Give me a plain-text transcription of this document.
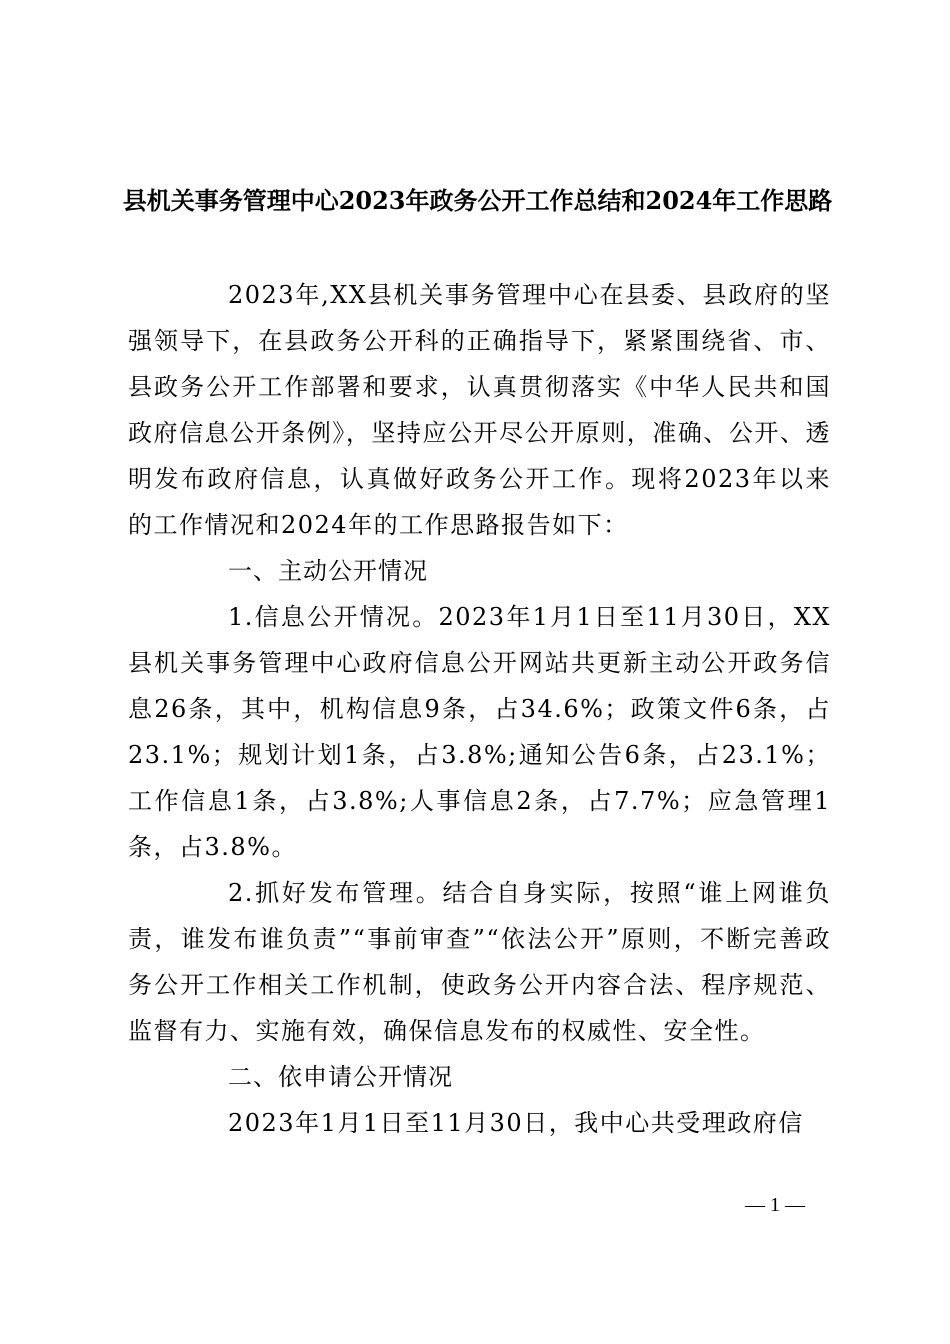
县机关事务管理中心2023年政务公开工作总结和2024年工作思路

2023年,XX县机关事务管理中心在县委、县政府的坚强领导下，在县政务公开科的正确指导下，紧紧围绕省、市、县政务公开工作部署和要求，认真贯彻落实《中华人民共和国政府信息公开条例》，坚持应公开尽公开原则，准确、公开、透明发布政府信息，认真做好政务公开工作。现将2023年以来的工作情况和2024年的工作思路报告如下：

一、主动公开情况

1.信息公开情况。2023年1月1日至11月30日，XX县机关事务管理中心政府信息公开网站共更新主动公开政务信息26条，其中，机构信息9条，占34.6%；政策文件6条，占23.1%；规划计划1条，占3.8%;通知公告6条，占23.1%；工作信息1条，占3.8%;人事信息2条，占7.7%；应急管理1条，占3.8%。

2.抓好发布管理。结合自身实际，按照“谁上网谁负责，谁发布谁负责”“事前审查”“依法公开”原则，不断完善政务公开工作相关工作机制，使政务公开内容合法、程序规范、监督有力、实施有效，确保信息发布的权威性、安全性。

二、依申请公开情况

2023年1月1日至11月30日，我中心共受理政府信

— 1 —
